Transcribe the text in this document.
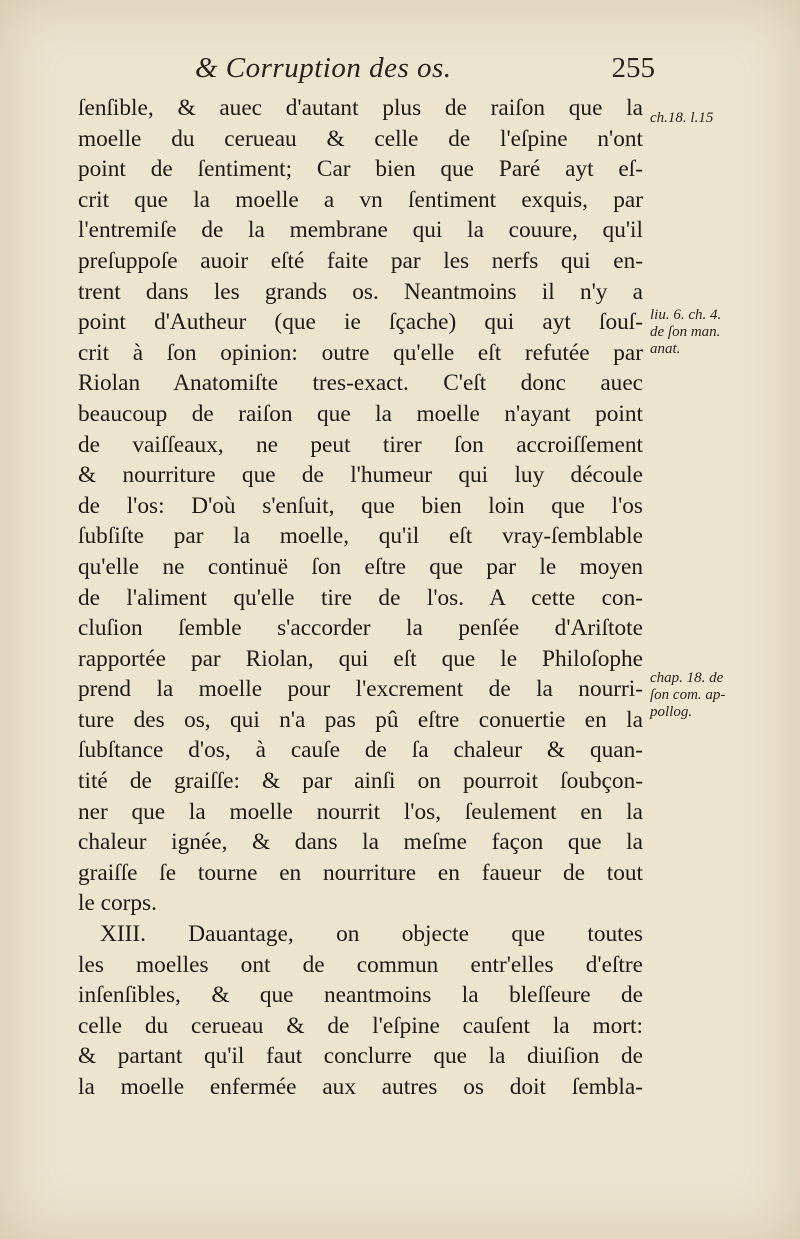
& Corruption des os.	255
ſenſible, & auec d'autant plus de raiſon que la
moelle du cerueau & celle de l'eſpine n'ont
point de ſentiment; Car bien que Paré ayt eſ-
crit que la moelle a vn ſentiment exquis, par
l'entremiſe de la membrane qui la couure, qu'il
preſuppoſe auoir eſté faite par les nerfs qui en-
trent dans les grands os. Neantmoins il n'y a
point d'Autheur (que ie ſçache) qui ayt ſouſ-
crit à ſon opinion: outre qu'elle eſt refutée par
Riolan Anatomiſte tres-exact. C'eſt donc auec
beaucoup de raiſon que la moelle n'ayant point
de vaiſſeaux, ne peut tirer ſon accroiſſement
& nourriture que de l'humeur qui luy découle
de l'os: D'où s'enſuit, que bien loin que l'os
ſubſiſte par la moelle, qu'il eſt vray-ſemblable
qu'elle ne continuë ſon eſtre que par le moyen
de l'aliment qu'elle tire de l'os. A cette con-
cluſion ſemble s'accorder la penſée d'Ariſtote
rapportée par Riolan, qui eſt que le Philoſophe
prend la moelle pour l'excrement de la nourri-
ture des os, qui n'a pas pû eſtre conuertie en la
ſubſtance d'os, à cauſe de ſa chaleur & quan-
tité de graiſſe: & par ainſi on pourroit ſoubçon-
ner que la moelle nourrit l'os, ſeulement en la
chaleur ignée, & dans la meſme façon que la
graiſſe ſe tourne en nourriture en faueur de tout
le corps.
XIII. Dauantage, on objecte que toutes
les moelles ont de commun entr'elles d'eſtre
inſenſibles, & que neantmoins la bleſſeure de
celle du cerueau & de l'eſpine cauſent la mort:
& partant qu'il faut conclurre que la diuiſion de
la moelle enfermée aux autres os doit ſembla-
ch.18. l.15
liu. 6. ch. 4.
de ſon man.
anat.
chap. 18. de
ſon com. ap-
pollog.
